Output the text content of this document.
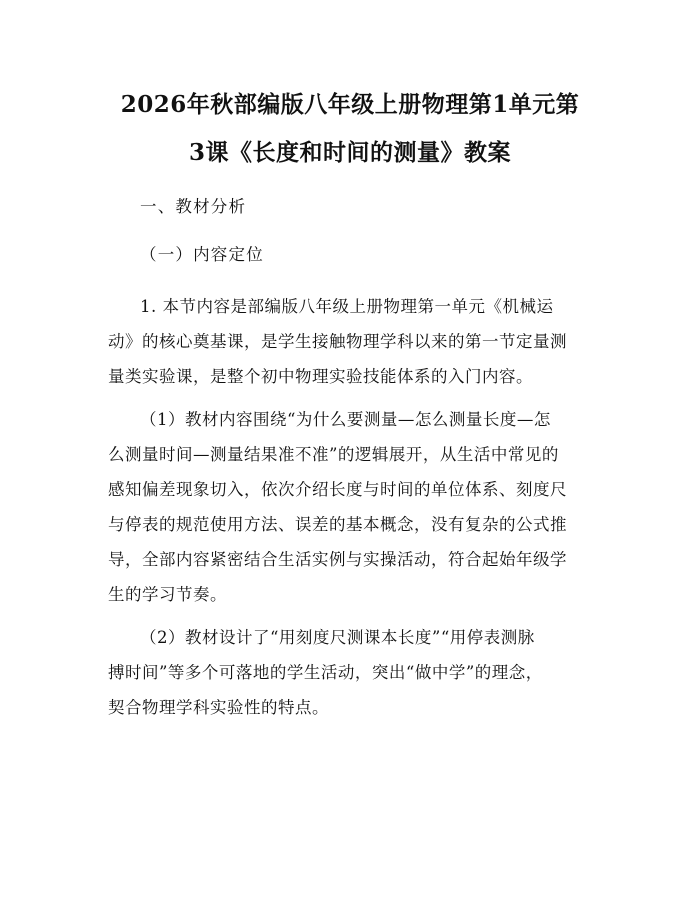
2026年秋部编版八年级上册物理第1单元第
3课《长度和时间的测量》教案
一、教材分析
（一）内容定位
1. 本节内容是部编版八年级上册物理第一单元《机械运
动》的核心奠基课，是学生接触物理学科以来的第一节定量测
量类实验课，是整个初中物理实验技能体系的入门内容。
（1）教材内容围绕“为什么要测量—怎么测量长度—怎
么测量时间—测量结果准不准”的逻辑展开，从生活中常见的
感知偏差现象切入，依次介绍长度与时间的单位体系、刻度尺
与停表的规范使用方法、误差的基本概念，没有复杂的公式推
导，全部内容紧密结合生活实例与实操活动，符合起始年级学
生的学习节奏。
（2）教材设计了“用刻度尺测课本长度”“用停表测脉
搏时间”等多个可落地的学生活动，突出“做中学”的理念，
契合物理学科实验性的特点。
